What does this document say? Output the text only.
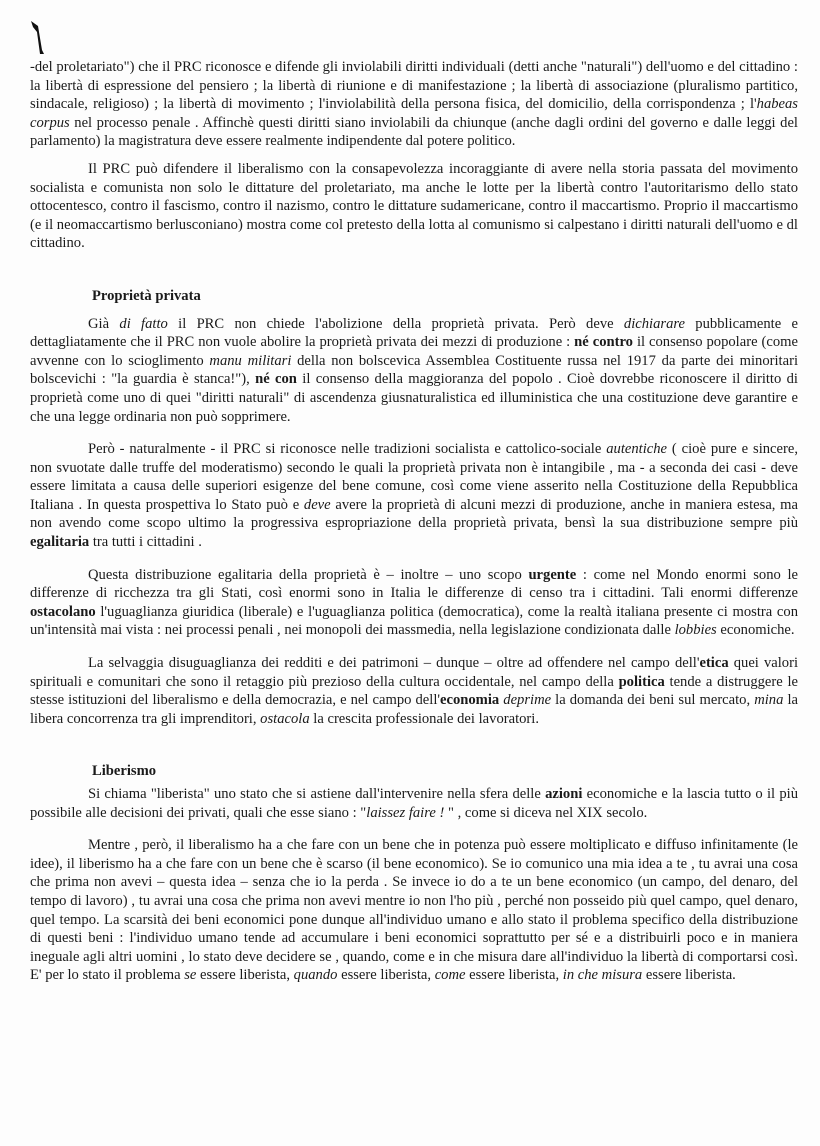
-del proletariato") che il PRC riconosce e difende gli inviolabili diritti individuali (detti anche "naturali") dell'uomo e del cittadino : la libertà di espressione del pensiero ; la libertà di riunione e di manifestazione ; la libertà di associazione (pluralismo partitico, sindacale, religioso) ; la libertà di movimento ; l'inviolabilità della persona fisica, del domicilio, della corrispondenza ; l'habeas corpus nel processo penale . Affinchè questi diritti siano inviolabili da chiunque (anche dagli ordini del governo e dalle leggi del parlamento) la magistratura deve essere realmente indipendente dal potere politico.

Il PRC può difendere il liberalismo con la consapevolezza incoraggiante di avere nella storia passata del movimento socialista e comunista non solo le dittature del proletariato, ma anche le lotte per la libertà contro l'autoritarismo dello stato ottocentesco, contro il fascismo, contro il nazismo, contro le dittature sudamericane, contro il maccartismo. Proprio il maccartismo (e il neomaccartismo berlusconiano) mostra come col pretesto della lotta al comunismo si calpestano i diritti naturali dell'uomo e dl cittadino.

Proprietà privata

Già di fatto il PRC non chiede l'abolizione della proprietà privata. Però deve dichiarare pubblicamente e dettagliatamente che il PRC non vuole abolire la proprietà privata dei mezzi di produzione : né contro il consenso popolare (come avvenne con lo scioglimento manu militari della non bolscevica Assemblea Costituente russa nel 1917 da parte dei minoritari bolscevichi : "la guardia è stanca!"), né con il consenso della maggioranza del popolo . Cioè dovrebbe riconoscere il diritto di proprietà come uno di quei "diritti naturali" di ascendenza giusnaturalistica ed illuministica che una costituzione deve garantire e che una legge ordinaria non può sopprimere.

Però - naturalmente - il PRC si riconosce nelle tradizioni socialista e cattolico-sociale autentiche ( cioè pure e sincere, non svuotate dalle truffe del moderatismo) secondo le quali la proprietà privata non è intangibile , ma - a seconda dei casi - deve essere limitata a causa delle superiori esigenze del bene comune, così come viene asserito nella Costituzione della Repubblica Italiana . In questa prospettiva lo Stato può e deve avere la proprietà di alcuni mezzi di produzione, anche in maniera estesa, ma non avendo come scopo ultimo la progressiva espropriazione della proprietà privata, bensì la sua distribuzione sempre più egalitaria tra tutti i cittadini .

Questa distribuzione egalitaria della proprietà è – inoltre – uno scopo urgente : come nel Mondo enormi sono le differenze di ricchezza tra gli Stati, così enormi sono in Italia le differenze di censo tra i cittadini. Tali enormi differenze ostacolano l'uguaglianza giuridica (liberale) e l'uguaglianza politica (democratica), come la realtà italiana presente ci mostra con un'intensità mai vista : nei processi penali , nei monopoli dei massmedia, nella legislazione condizionata dalle lobbies economiche.

La selvaggia disuguaglianza dei redditi e dei patrimoni – dunque – oltre ad offendere nel campo dell'etica quei valori spirituali e comunitari che sono il retaggio più prezioso della cultura occidentale, nel campo della politica tende a distruggere le stesse istituzioni del liberalismo e della democrazia, e nel campo dell'economia deprime la domanda dei beni sul mercato, mina la libera concorrenza tra gli imprenditori, ostacola la crescita professionale dei lavoratori.

Liberismo

Si chiama "liberista" uno stato che si astiene dall'intervenire nella sfera delle azioni economiche e la lascia tutto o il più possibile alle decisioni dei privati, quali che esse siano : "laissez faire ! " , come si diceva nel XIX secolo.

Mentre , però, il liberalismo ha a che fare con un bene che in potenza può essere moltiplicato e diffuso infinitamente (le idee), il liberismo ha a che fare con un bene che è scarso (il bene economico). Se io comunico una mia idea a te , tu avrai una cosa che prima non avevi – questa idea – senza che io la perda . Se invece io do a te un bene economico (un campo, del denaro, del tempo di lavoro) , tu avrai una cosa che prima non avevi mentre io non l'ho più , perché non posseido più quel campo, quel denaro, quel tempo. La scarsità dei beni economici pone dunque all'individuo umano e allo stato il problema specifico della distribuzione di questi beni : l'individuo umano tende ad accumulare i beni economici soprattutto per sé e a distribuirli poco e in maniera ineguale agli altri uomini , lo stato deve decidere se , quando, come e in che misura dare all'individuo la libertà di comportarsi così. E' per lo stato il problema se essere liberista, quando essere liberista, come essere liberista, in che misura essere liberista.
